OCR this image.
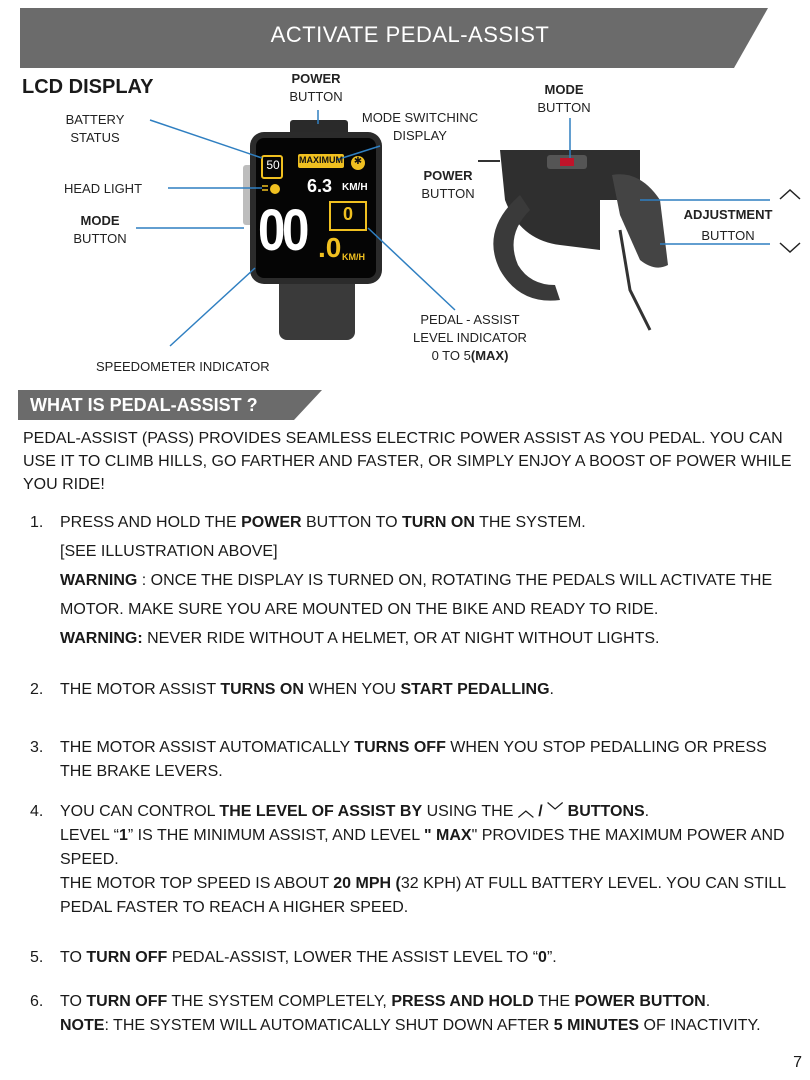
ACTIVATE PEDAL-ASSIST
LCD DISPLAY
50 MAXIMUM ✱
6.3 KM/H
00 .0 KM/H
0
POWER
BUTTON
BATTERY
STATUS
MODE SWITCHINC
DISPLAY
HEAD LIGHT
MODE
BUTTON
POWER
BUTTON
MODE
BUTTON
ADJUSTMENT
BUTTON
PEDAL - ASSIST
LEVEL INDICATOR
0 TO 5(MAX)
SPEEDOMETER INDICATOR
WHAT IS PEDAL-ASSIST ?
PEDAL-ASSIST (PASS) PROVIDES SEAMLESS ELECTRIC POWER ASSIST AS YOU PEDAL. YOU CAN USE IT TO CLIMB HILLS, GO FARTHER AND FASTER, OR SIMPLY ENJOY A BOOST OF POWER WHILE YOU RIDE!
1.	PRESS AND HOLD THE POWER BUTTON TO TURN ON THE SYSTEM.
[SEE ILLUSTRATION ABOVE]
WARNING : ONCE THE DISPLAY IS TURNED ON, ROTATING THE PEDALS WILL ACTIVATE THE MOTOR. MAKE SURE YOU ARE MOUNTED ON THE BIKE AND READY TO RIDE.
WARNING: NEVER RIDE WITHOUT A HELMET, OR AT NIGHT WITHOUT LIGHTS.
2.	THE MOTOR ASSIST TURNS ON WHEN YOU START PEDALLING.
3.	THE MOTOR ASSIST AUTOMATICALLY TURNS OFF WHEN YOU STOP PEDALLING OR PRESS THE BRAKE LEVERS.
4.	YOU CAN CONTROL THE LEVEL OF ASSIST BY USING THE ︿ / ﹀ BUTTONS.
LEVEL “1” IS THE MINIMUM ASSIST, AND LEVEL " MAX" PROVIDES THE MAXIMUM POWER AND SPEED.
THE MOTOR TOP SPEED IS ABOUT 20 MPH (32 KPH) AT FULL BATTERY LEVEL. YOU CAN STILL PEDAL FASTER TO REACH A HIGHER SPEED.
5.	TO TURN OFF PEDAL-ASSIST, LOWER THE ASSIST LEVEL TO “0”.
6.	TO TURN OFF THE SYSTEM COMPLETELY, PRESS AND HOLD THE POWER BUTTON.
NOTE: THE SYSTEM WILL AUTOMATICALLY SHUT DOWN AFTER 5 MINUTES OF INACTIVITY.
7
